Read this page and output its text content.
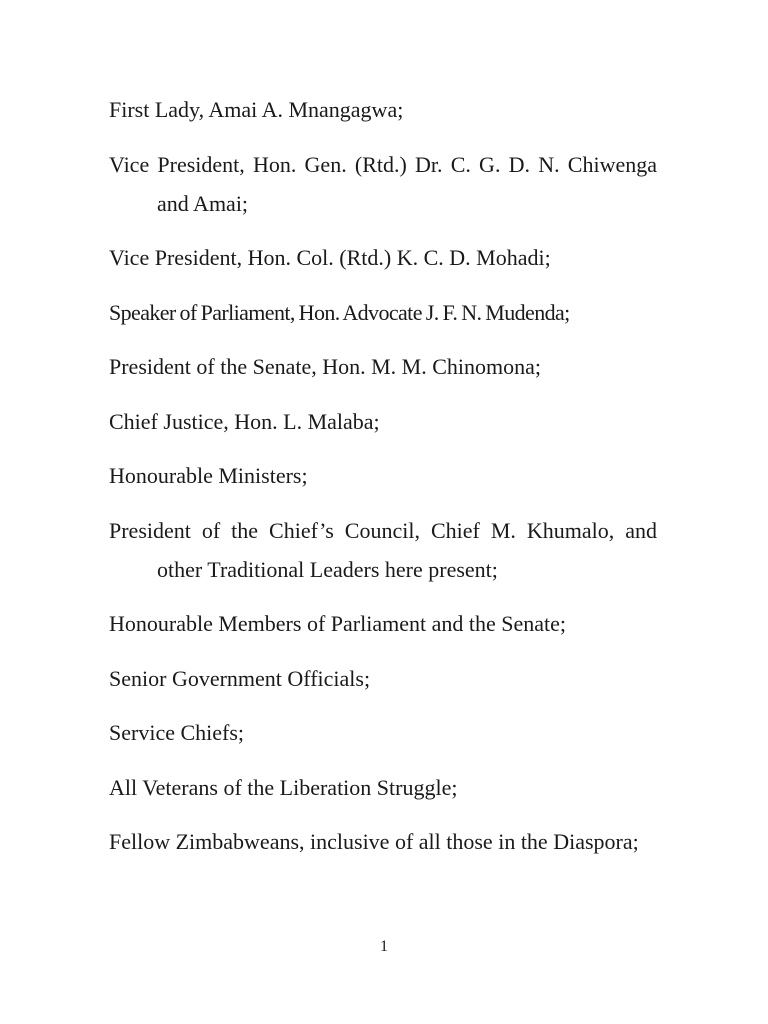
First Lady, Amai A. Mnangagwa;
Vice President, Hon. Gen. (Rtd.) Dr. C. G. D. N. Chiwenga and Amai;
Vice President, Hon. Col. (Rtd.) K. C. D. Mohadi;
Speaker of Parliament, Hon. Advocate J. F. N. Mudenda;
President of the Senate, Hon. M. M. Chinomona;
Chief Justice, Hon. L. Malaba;
Honourable Ministers;
President of the Chief’s Council, Chief M. Khumalo, and other Traditional Leaders here present;
Honourable Members of Parliament and the Senate;
Senior Government Officials;
Service Chiefs;
All Veterans of the Liberation Struggle;
Fellow Zimbabweans, inclusive of all those in the Diaspora;
1
